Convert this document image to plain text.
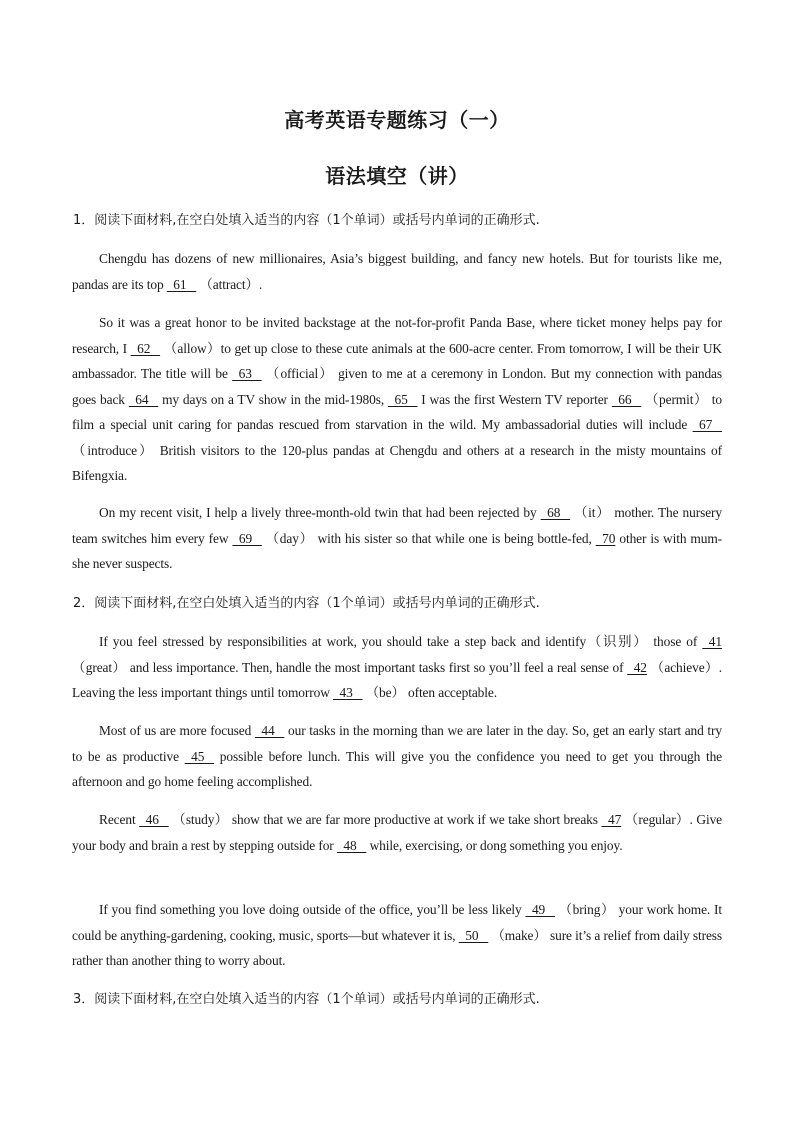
高考英语专题练习（一）
语法填空（讲）
1．阅读下面材料,在空白处填入适当的内容（1个单词）或括号内单词的正确形式.
Chengdu has dozens of new millionaires, Asia’s biggest building, and fancy new hotels. But for tourists like me, pandas are its top   61    （attract）.
So it was a great honor to be invited backstage at the not-for-profit Panda Base, where ticket money helps pay for research, I   62    （allow）to get up close to these cute animals at the 600-acre center. From tomorrow, I will be their UK ambassador. The title will be   63    （official） given to me at a ceremony in London. But my connection with pandas goes back   64    my days on a TV show in the mid-1980s,   65    I was the first Western TV reporter   66    （permit） to film a special unit caring for pandas rescued from starvation in the wild. My ambassadorial duties will include   67    （introduce） British visitors to the 120-plus pandas at Chengdu and others at a research in the misty mountains of Bifengxia.
On my recent visit, I help a lively three-month-old twin that had been rejected by   68    （it） mother. The nursery team switches him every few   69    （day） with his sister so that while one is being bottle-fed,   70 other is with mum-she never suspects.
2．阅读下面材料,在空白处填入适当的内容（1个单词）或括号内单词的正确形式.
If you feel stressed by responsibilities at work, you should take a step back and identify（识别） those of   41 （great） and less importance. Then, handle the most important tasks first so you’ll feel a real sense of   42 （achieve）. Leaving the less important things until tomorrow   43    （be） often acceptable.
Most of us are more focused   44    our tasks in the morning than we are later in the day. So, get an early start and try to be as productive   45    possible before lunch. This will give you the confidence you need to get you through the afternoon and go home feeling accomplished.
Recent   46    （study） show that we are far more productive at work if we take short breaks   47 （regular）. Give your body and brain a rest by stepping outside for   48    while, exercising, or dong something you enjoy.
If you find something you love doing outside of the office, you’ll be less likely   49    （bring） your work home. It could be anything-gardening, cooking, music, sports—but whatever it is,   50    （make） sure it’s a relief from daily stress rather than another thing to worry about.
3．阅读下面材料,在空白处填入适当的内容（1个单词）或括号内单词的正确形式.
